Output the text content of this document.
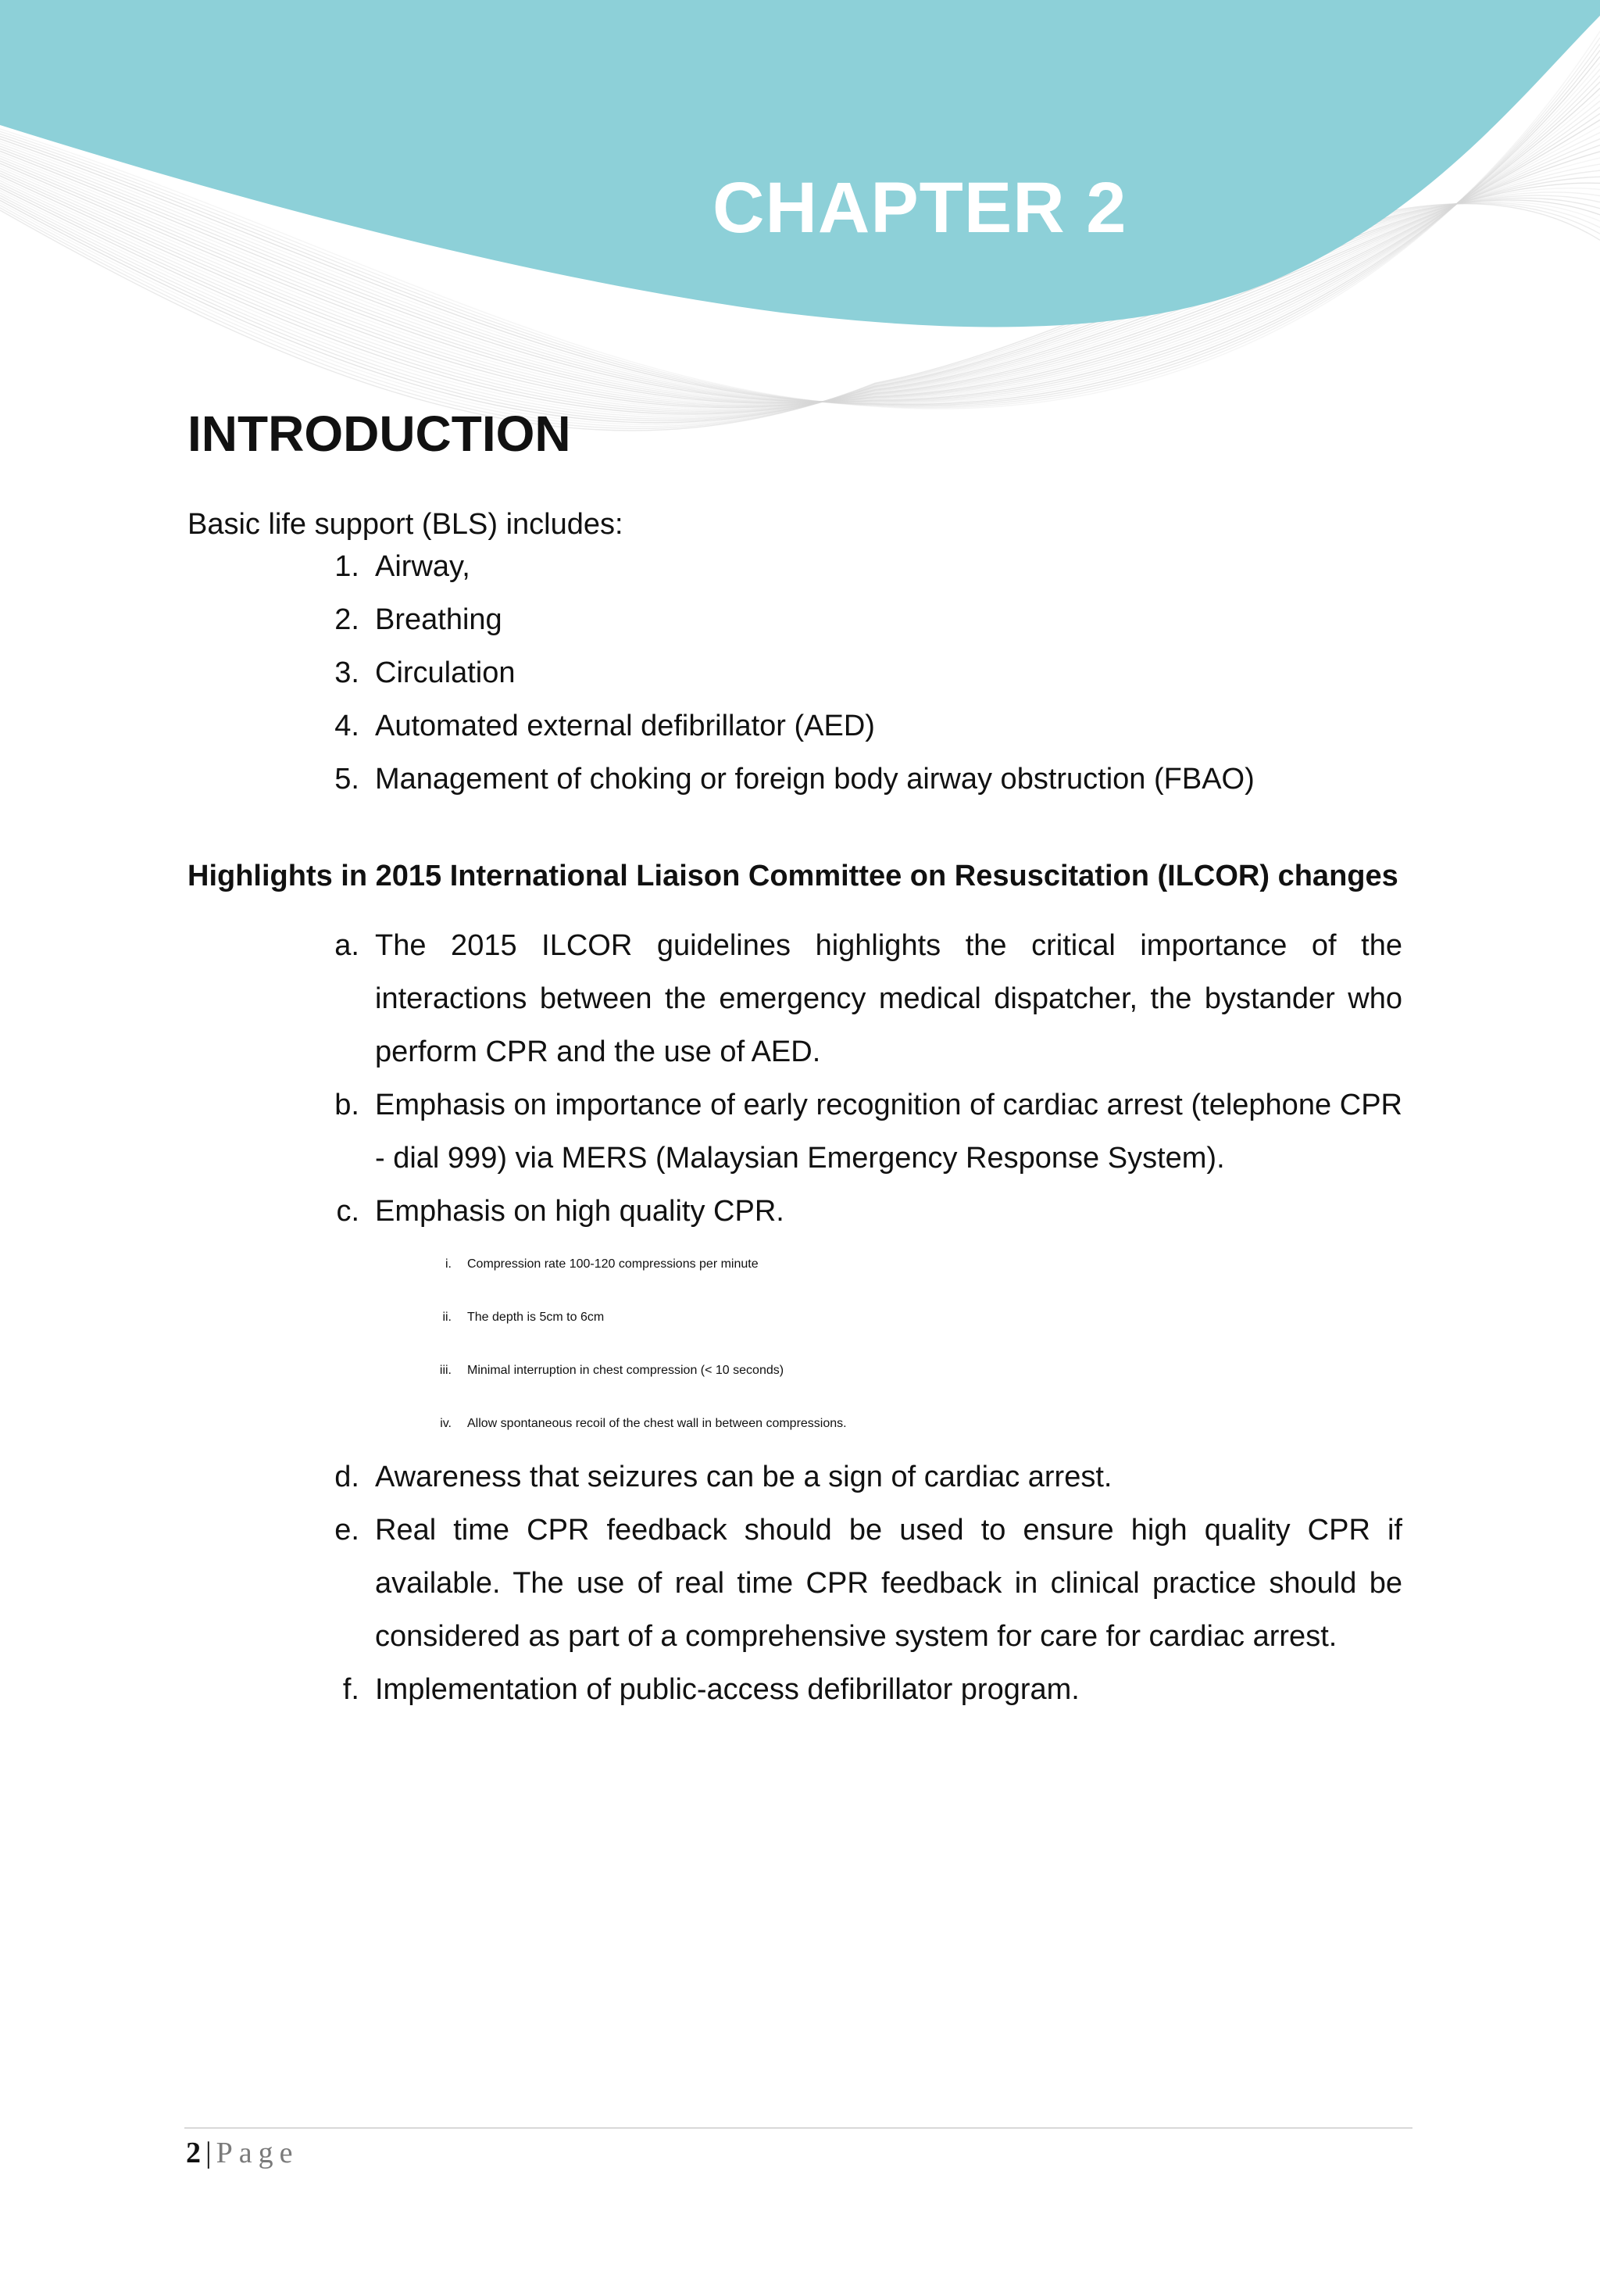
CHAPTER 2
INTRODUCTION

Basic life support (BLS) includes:

1. Airway,
2. Breathing
3. Circulation
4. Automated external defibrillator (AED)
5. Management of choking or foreign body airway obstruction (FBAO)
Highlights in 2015 International Liaison Committee on Resuscitation (ILCOR) changes
a. The 2015 ILCOR guidelines highlights the critical importance of the interactions between the emergency medical dispatcher, the bystander who perform CPR and the use of AED.
b. Emphasis on importance of early recognition of cardiac arrest (telephone CPR - dial 999) via MERS (Malaysian Emergency Response System).
c. Emphasis on high quality CPR.
i.	Compression rate 100-120 compressions per minute
ii.	The depth is 5cm to 6cm
iii.	Minimal interruption in chest compression (< 10 seconds)
iv.	Allow spontaneous recoil of the chest wall in between compressions.
d. Awareness that seizures can be a sign of cardiac arrest.
e. Real time CPR feedback should be used to ensure high quality CPR if available. The use of real time CPR feedback in clinical practice should be considered as part of a comprehensive system for care for cardiac arrest.
f. Implementation of public-access defibrillator program.
2 | Page
